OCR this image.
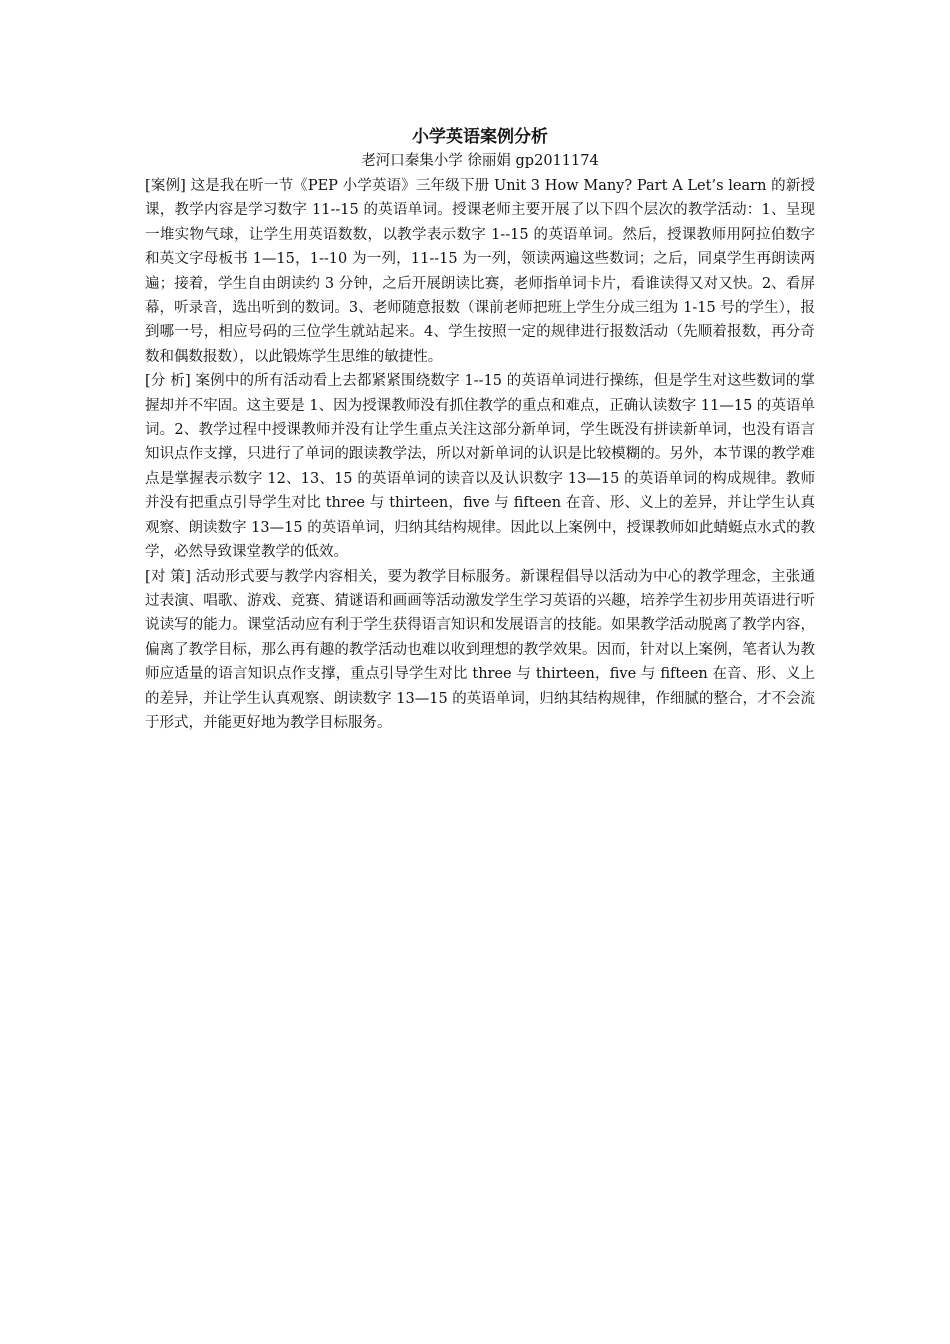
小学英语案例分析

老河口秦集小学 徐丽娟 gp2011174

[案例] 这是我在听一节《PEP 小学英语》三年级下册 Unit 3 How Many? Part A Let’s learn 的新授课，教学内容是学习数字 11--15 的英语单词。授课老师主要开展了以下四个层次的教学活动：1、呈现一堆实物气球，让学生用英语数数，以教学表示数字 1--15 的英语单词。然后，授课教师用阿拉伯数字和英文字母板书 1—15，1--10 为一列，11--15 为一列，领读两遍这些数词；之后，同桌学生再朗读两遍；接着，学生自由朗读约 3 分钟，之后开展朗读比赛，老师指单词卡片，看谁读得又对又快。2、看屏幕，听录音，选出听到的数词。3、老师随意报数（课前老师把班上学生分成三组为 1-15 号的学生），报到哪一号，相应号码的三位学生就站起来。4、学生按照一定的规律进行报数活动（先顺着报数，再分奇数和偶数报数），以此锻炼学生思维的敏捷性。

[分 析] 案例中的所有活动看上去都紧紧围绕数字 1--15 的英语单词进行操练，但是学生对这些数词的掌握却并不牢固。这主要是 1、因为授课教师没有抓住教学的重点和难点，正确认读数字 11—15 的英语单词。2、教学过程中授课教师并没有让学生重点关注这部分新单词，学生既没有拼读新单词，也没有语言知识点作支撑，只进行了单词的跟读教学法，所以对新单词的认识是比较模糊的。另外，本节课的教学难点是掌握表示数字 12、13、15 的英语单词的读音以及认识数字 13—15 的英语单词的构成规律。教师并没有把重点引导学生对比 three 与 thirteen，five 与 fifteen 在音、形、义上的差异，并让学生认真观察、朗读数字 13—15 的英语单词，归纳其结构规律。因此以上案例中，授课教师如此蜻蜓点水式的教学，必然导致课堂教学的低效。

[对 策] 活动形式要与教学内容相关，要为教学目标服务。新课程倡导以活动为中心的教学理念，主张通过表演、唱歌、游戏、竞赛、猜谜语和画画等活动激发学生学习英语的兴趣，培养学生初步用英语进行听说读写的能力。课堂活动应有利于学生获得语言知识和发展语言的技能。如果教学活动脱离了教学内容，偏离了教学目标，那么再有趣的教学活动也难以收到理想的教学效果。因而，针对以上案例，笔者认为教师应适量的语言知识点作支撑，重点引导学生对比 three 与 thirteen，five 与 fifteen 在音、形、义上的差异，并让学生认真观察、朗读数字 13—15 的英语单词，归纳其结构规律，作细腻的整合，才不会流于形式，并能更好地为教学目标服务。
